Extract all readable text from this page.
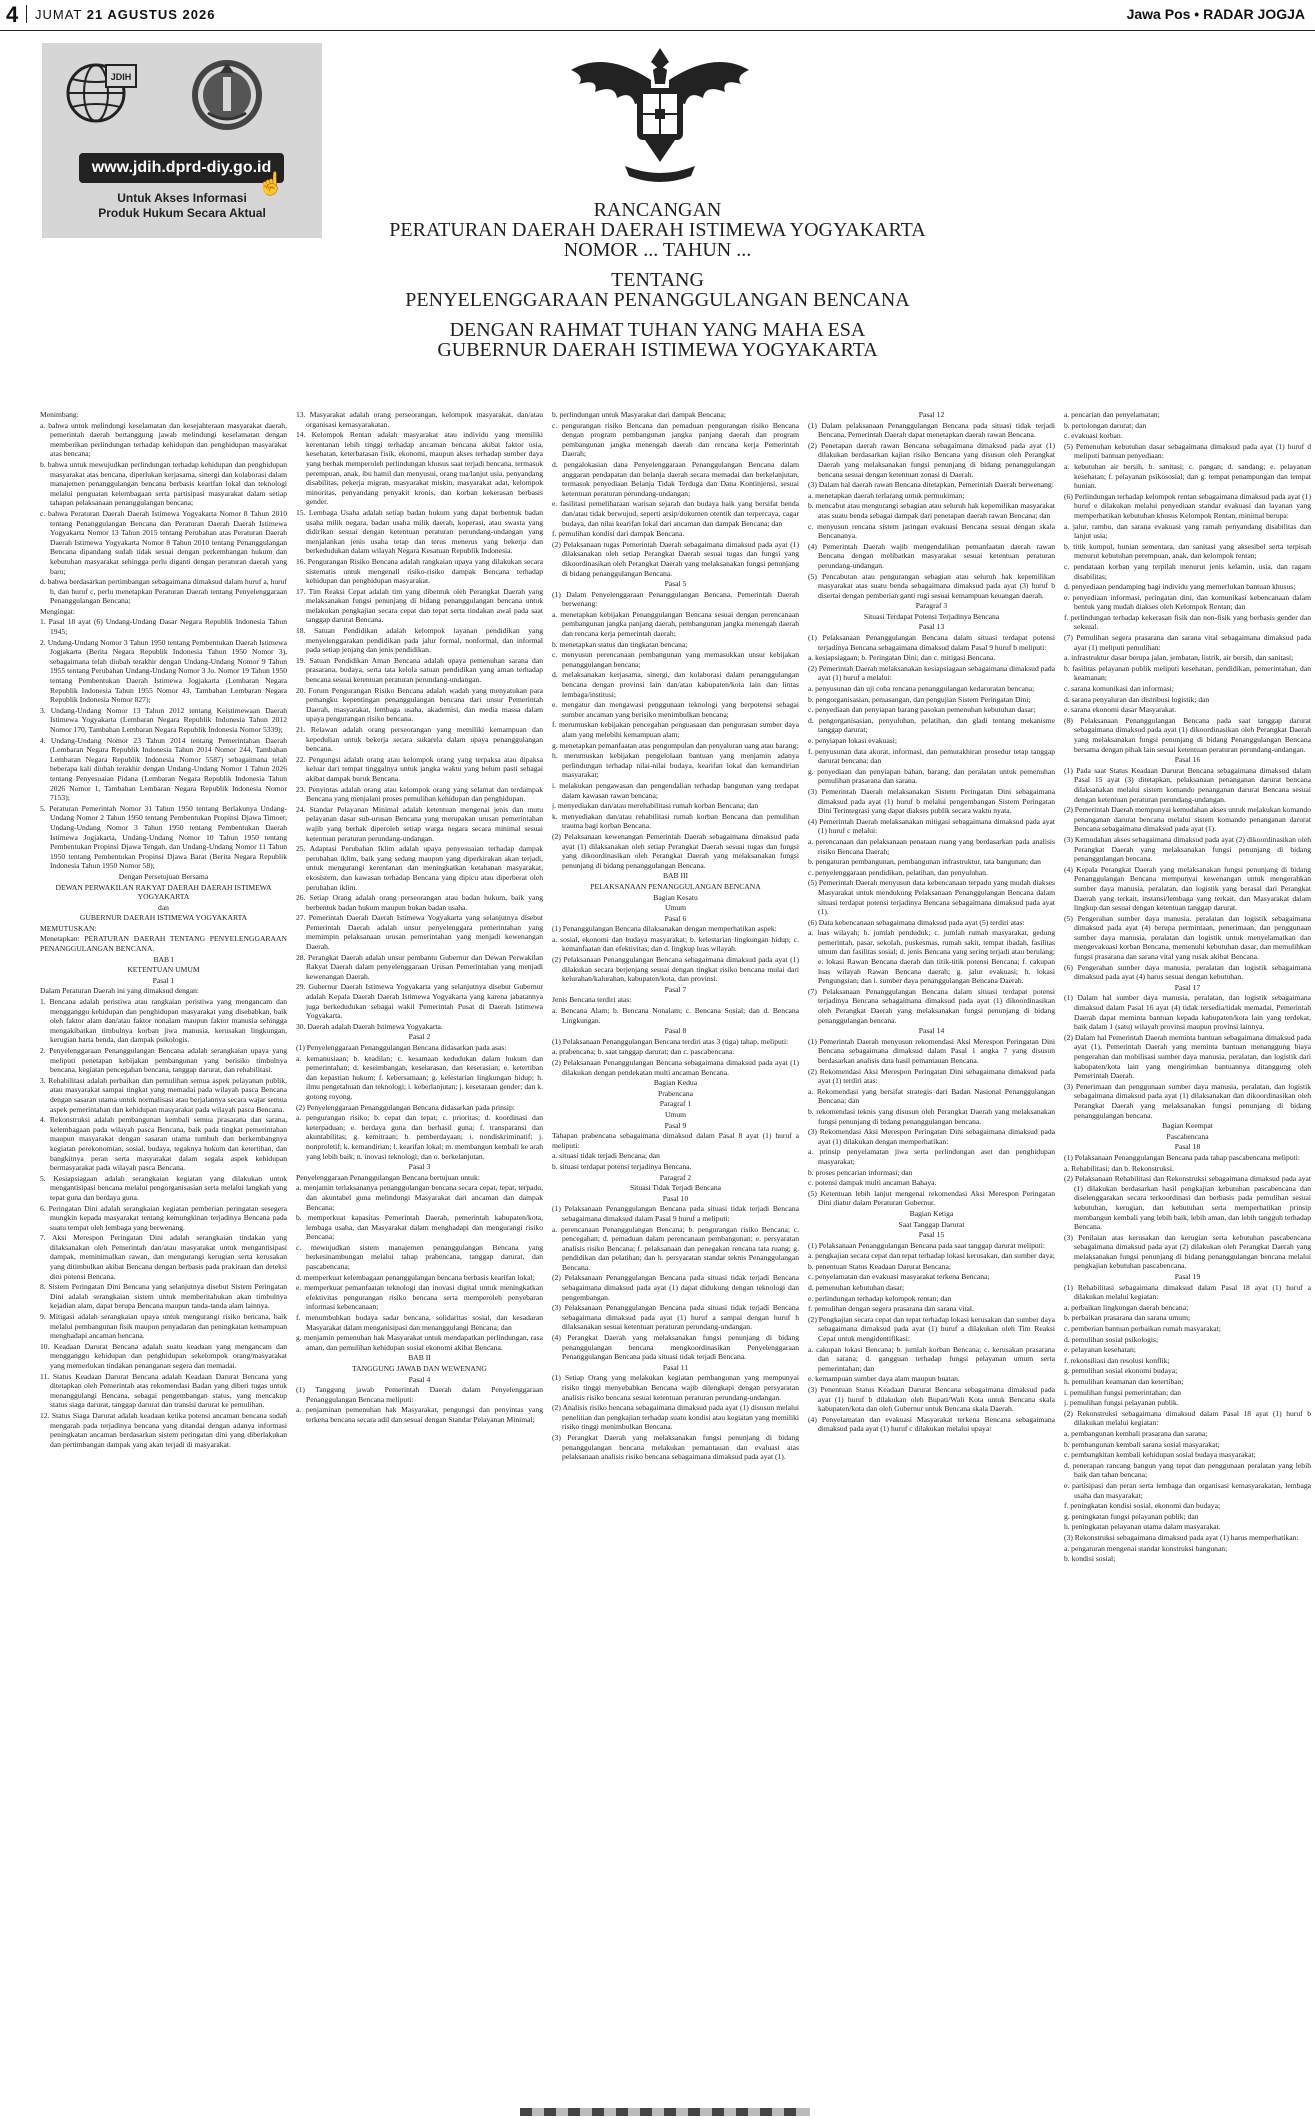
4 JUMAT 21 AGUSTUS 2026	Jawa Pos • RADAR JOGJA
JDIH
www.jdih.dprd-diy.go.id
☝
Untuk Akses Informasi
Produk Hukum Secara Aktual	RANCANGAN
PERATURAN DAERAH DAERAH ISTIMEWA YOGYAKARTA
NOMOR ... TAHUN ...
TENTANG
PENYELENGGARAAN PENANGGULANGAN BENCANA
DENGAN RAHMAT TUHAN YANG MAHA ESA
GUBERNUR DAERAH ISTIMEWA YOGYAKARTA

Menimbang:

a. bahwa untuk melindungi keselamatan dan kesejahteraan masyarakat daerah, pemerintah daerah bertanggung jawab melindungi keselamatan dengan memberikan perlindungan terhadap kehidupan dan penghidupan masyarakat atas bencana;

b. bahwa untuk mewujudkan perlindungan terhadap kehidupan dan penghidupan masyarakat atas bencana, diperlukan kerjasama, sinergi dan kolaborasi dalam manajemen penanggulangan bencana berbasis kearifan lokal dan teknologi melalui penguatan kelembagaan serta partisipasi masyarakat dalam setiap tahapan pelaksanaan penanggulangan bencana;

c. bahwa Peraturan Daerah Daerah Istimewa Yogyakarta Nomor 8 Tahun 2010 tentang Penanggulangan Bencana dan Peraturan Daerah Daerah Istimewa Yogyakarta Nomor 13 Tahun 2015 tentang Perubahan atas Peraturan Daerah Daerah Istimewa Yogyakarta Nomor 8 Tahun 2010 tentang Penanggulangan Bencana dipandang sudah tidak sesuai dengan perkembangan hukum dan kebutuhan masyarakat sehingga perlu diganti dengan peraturan daerah yang baru;

d. bahwa berdasarkan pertimbangan sebagaimana dimaksud dalam huruf a, huruf b, dan huruf c, perlu menetapkan Peraturan Daerah tentang Penyelenggaraan Penanggulangan Bencana;

Mengingat:

1. Pasal 18 ayat (6) Undang-Undang Dasar Negara Republik Indonesia Tahun 1945;

2. Undang-Undang Nomor 3 Tahun 1950 tentang Pembentukan Daerah Istimewa Jogjakarta (Berita Negara Republik Indonesia Tahun 1950 Nomor 3), sebagaimana telah diubah terakhir dengan Undang-Undang Nomor 9 Tahun 1955 tentang Perubahan Undang-Undang Nomor 3 Jo. Nomor 19 Tahun 1950 tentang Pembentukan Daerah Istimewa Jogjakarta (Lembaran Negara Republik Indonesia Tahun 1955 Nomor 43, Tambahan Lembaran Negara Republik Indonesia Nomor 827);

3. Undang-Undang Nomor 13 Tahun 2012 tentang Keistimewaan Daerah Istimewa Yogyakarta (Lembaran Negara Republik Indonesia Tahun 2012 Nomor 170, Tambahan Lembaran Negara Republik Indonesia Nomor 5339);

4. Undang-Undang Nomor 23 Tahun 2014 tentang Pemerintahan Daerah (Lembaran Negara Republik Indonesia Tahun 2014 Nomor 244, Tambahan Lembaran Negara Republik Indonesia Nomor 5587) sebagaimana telah beberapa kali diubah terakhir dengan Undang-Undang Nomor 1 Tahun 2026 tentang Penyesuaian Pidana (Lembaran Negara Republik Indonesia Tahun 2026 Nomor 1, Tambahan Lembaran Negara Republik Indonesia Nomor 7153);

5. Peraturan Pemerintah Nomor 31 Tahun 1950 tentang Berlakunya Undang-Undang Nomor 2 Tahun 1950 tentang Pembentukan Propinsi Djawa Timoer, Undang-Undang Nomor 3 Tahun 1950 tentang Pembentukan Daerah Istimewa Jogjakarta, Undang-Undang Nomor 10 Tahun 1950 tentang Pembentukan Propinsi Djawa Tengah, dan Undang-Undang Nomor 11 Tahun 1950 tentang Pembentukan Propinsi Djawa Barat (Berita Negara Republik Indonesia Tahun 1950 Nomor 58);

Dengan Persetujuan Bersama

DEWAN PERWAKILAN RAKYAT DAERAH DAERAH ISTIMEWA YOGYAKARTA

dan

GUBERNUR DAERAH ISTIMEWA YOGYAKARTA

MEMUTUSKAN:

Menetapkan: PERATURAN DAERAH TENTANG PENYELENGGARAAN PENANGGULANGAN BENCANA.

BAB I

KETENTUAN UMUM

Pasal 1

Dalam Peraturan Daerah ini yang dimaksud dengan:

1. Bencana adalah peristiwa atau rangkaian peristiwa yang mengancam dan mengganggu kehidupan dan penghidupan masyarakat yang disebabkan, baik oleh faktor alam dan/atau faktor nonalam maupun faktor manusia sehingga mengakibatkan timbulnya korban jiwa manusia, kerusakan lingkungan, kerugian harta benda, dan dampak psikologis.

2. Penyelenggaraan Penanggulangan Bencana adalah serangkaian upaya yang meliputi penetapan kebijakan pembangunan yang berisiko timbulnya bencana, kegiatan pencegahan bencana, tanggap darurat, dan rehabilitasi.

3. Rehabilitasi adalah perbaikan dan pemulihan semua aspek pelayanan publik, atau masyarakat sampai tingkat yang memadai pada wilayah pasca Bencana dengan sasaran utama untuk normalisasi atau berjalannya secara wajar semua aspek pemerintahan dan kehidupan masyarakat pada wilayah pasca Bencana.

4. Rekonstruksi adalah pembangunan kembali semua prasarana dan sarana, kelembagaan pada wilayah pasca Bencana, baik pada tingkat pemerintahan maupun masyarakat dengan sasaran utama tumbuh dan berkembangnya kegiatan perekonomian, sosial, budaya, tegaknya hukum dan ketertiban, dan bangkitnya peran serta masyarakat dalam segala aspek kehidupan bermasyarakat pada wilayah pasca Bencana.

5. Kesiapsiagaan adalah serangkaian kegiatan yang dilakukan untuk mengantisipasi bencana melalui pengorganisasian serta melalui langkah yang tepat guna dan berdaya guna.

6. Peringatan Dini adalah serangkaian kegiatan pemberian peringatan sesegera mungkin kepada masyarakat tentang kemungkinan terjadinya Bencana pada suatu tempat oleh lembaga yang berwenang.

7. Aksi Merespon Peringatan Dini adalah serangkaian tindakan yang dilaksanakan oleh Pemerintah dan/atau masyarakat untuk mengantisipasi dampak, meminimalkan rawan, dan mengurangi kerugian serta kerusakan yang ditimbulkan akibat Bencana dengan berbasis pada prakiraan dan deteksi dini potensi Bencana.

8. Sistem Peringatan Dini Bencana yang selanjutnya disebut Sistem Peringatan Dini adalah serangkaian sistem untuk memberitahukan akan timbulnya kejadian alam, dapat berupa Bencana maupun tanda-tanda alam lainnya.

9. Mitigasi adalah serangkaian upaya untuk mengurangi risiko bencana, baik melalui pembangunan fisik maupun penyadaran dan peningkatan kemampuan menghadapi ancaman bencana.

10. Keadaan Darurat Bencana adalah suatu keadaan yang mengancam dan mengganggu kehidupan dan penghidupan sekelompok orang/masyarakat yang memerlukan tindakan penanganan segera dan memadai.

11. Status Keadaan Darurat Bencana adalah Keadaan Darurat Bencana yang ditetapkan oleh Pemerintah atas rekomendasi Badan yang diberi tugas untuk menanggulangi Bencana, sebagai pengembangan status, yang mencakup status siaga darurat, tanggap darurat dan transisi darurat ke pemulihan.

12. Status Siaga Darurat adalah keadaan ketika potensi ancaman bencana sudah mengarah pada terjadinya bencana yang ditandai dengan adanya informasi peningkatan ancaman berdasarkan sistem peringatan dini yang diberlakukan dan pertimbangan dampak yang akan terjadi di masyarakat.

13. Masyarakat adalah orang perseorangan, kelompok masyarakat, dan/atau organisasi kemasyarakatan.

14. Kelompok Rentan adalah masyarakat atau individu yang memiliki kerentanan lebih tinggi terhadap ancaman bencana akibat faktor usia, kesehatan, keterbatasan fisik, ekonomi, maupun akses terhadap sumber daya yang berhak memperoleh perlindungan khusus saat terjadi bencana, termasuk perempuan, anak, ibu hamil dan menyusui, orang tua/lanjut usia, penyandang disabilitas, pekerja migran, masyarakat miskin, masyarakat adat, kelompok minoritas, penyandang penyakit kronis, dan korban kekerasan berbasis gender.

15. Lembaga Usaha adalah setiap badan hukum yang dapat berbentuk badan usaha milik negara, badan usaha milik daerah, koperasi, atau swasta yang didirikan sesuai dengan ketentuan peraturan perundang-undangan yang menjalankan jenis usaha tetap dan terus menerus yang bekerja dan berkedudukan dalam wilayah Negara Kesatuan Republik Indonesia.

16. Pengurangan Risiko Bencana adalah rangkaian upaya yang dilakukan secara sistematis untuk mengenali risiko-risiko dampak Bencana terhadap kehidupan dan penghidupan masyarakat.

17. Tim Reaksi Cepat adalah tim yang dibentuk oleh Perangkat Daerah yang melaksanakan fungsi penunjang di bidang penanggulangan bencana untuk melakukan pengkajian secara cepat dan tepat serta tindakan awal pada saat tanggap darurat Bencana.

18. Satuan Pendidikan adalah kelompok layanan pendidikan yang menyelenggarakan pendidikan pada jalur formal, nonformal, dan informal pada setiap jenjang dan jenis pendidikan.

19. Satuan Pendidikan Aman Bencana adalah upaya pemenuhan sarana dan prasarana, budaya, serta tata kelola satuan pendidikan yang aman terhadap bencana sesuai ketentuan peraturan perundang-undangan.

20. Forum Pengurangan Risiko Bencana adalah wadah yang menyatukan para pemangku kepentingan penanggulangan bencana dari unsur Pemerintah Daerah, masyarakat, lembaga usaha, akademisi, dan media massa dalam upaya pengurangan risiko bencana.

21. Relawan adalah orang perseorangan yang memiliki kemampuan dan kepedulian untuk bekerja secara sukarela dalam upaya penanggulangan bencana.

22. Pengungsi adalah orang atau kelompok orang yang terpaksa atau dipaksa keluar dari tempat tinggalnya untuk jangka waktu yang belum pasti sebagai akibat dampak buruk Bencana.

23. Penyintas adalah orang atau kelompok orang yang selamat dan terdampak Bencana yang menjalani proses pemulihan kehidupan dan penghidupan.

24. Standar Pelayanan Minimal adalah ketentuan mengenai jenis dan mutu pelayanan dasar sub-urusan Bencana yang merupakan urusan pemerintahan wajib yang berhak diperoleh setiap warga negara secara minimal sesuai ketentuan peraturan perundang-undangan.

25. Adaptasi Perubahan Iklim adalah upaya penyesuaian terhadap dampak perubahan iklim, baik yang sedang maupun yang diperkirakan akan terjadi, untuk mengurangi kerentanan dan meningkatkan ketahanan masyarakat, ekosistem, dan kawasan terhadap Bencana yang dipicu atau diperberat oleh perubahan iklim.

26. Setiap Orang adalah orang perseorangan atau badan hukum, baik yang berbentuk badan hukum maupun bukan badan usaha.

27. Pemerintah Daerah Daerah Istimewa Yogyakarta yang selanjutnya disebut Pemerintah Daerah adalah unsur penyelenggara pemerintahan yang memimpin pelaksanaan urusan pemerintahan yang menjadi kewenangan Daerah.

28. Perangkat Daerah adalah unsur pembantu Gubernur dan Dewan Perwakilan Rakyat Daerah dalam penyelenggaraan Urusan Pemerintahan yang menjadi kewenangan Daerah.

29. Gubernur Daerah Istimewa Yogyakarta yang selanjutnya disebut Gubernur adalah Kepala Daerah Daerah Istimewa Yogyakarta yang karena jabatannya juga berkedudukan sebagai wakil Pemerintah Pusat di Daerah Istimewa Yogyakarta.

30. Daerah adalah Daerah Istimewa Yogyakarta.

Pasal 2

(1) Penyelenggaraan Penanggulangan Bencana didasarkan pada asas:

a. kemanusiaan; b. keadilan; c. kesamaan kedudukan dalam hukum dan pemerintahan; d. keseimbangan, keselarasan, dan keserasian; e. ketertiban dan kepastian hukum; f. kebersamaan; g. kelestarian lingkungan hidup; h. ilmu pengetahuan dan teknologi; i. keberlanjutan; j. kesetaraan gender; dan k. gotong royong.

(2) Penyelenggaraan Penanggulangan Bencana didasarkan pada prinsip:

a. pengurangan risiko; b. cepat dan tepat; c. prioritas; d. koordinasi dan keterpaduan; e. berdaya guna dan berhasil guna; f. transparansi dan akuntabilitas; g. kemitraan; h. pemberdayaan; i. nondiskriminatif; j. nonproletif; k. kemandirian; l. kearifan lokal; m. membangun kembali ke arah yang lebih baik; n. inovasi teknologi; dan o. berkelanjutan.

Pasal 3

Penyelenggaraan Penanggulangan Bencana bertujuan untuk:

a. menjamin terlaksananya penanggulangan bencana secara cepat, tepat, terpadu, dan akuntabel guna melindungi Masyarakat dari ancaman dan dampak Bencana;

b. memperkuat kapasitas Pemerintah Daerah, pemerintah kabupaten/kota, lembaga usaha, dan Masyarakat dalam menghadapi dan mengurangi risiko Bencana;

c. mewujudkan sistem manajemen penanggulangan Bencana yang berkesinambungan melalui tahap prabencana, tanggap darurat, dan pascabencana;

d. memperkuat kelembagaan penanggulangan bencana berbasis kearifan lokal;

e. memperkuat pemanfaatan teknologi dan inovasi digital untuk meningkatkan efektivitas pengurangan risiko bencana serta memperoleh penyebaran informasi kebencanaan;

f. menumbuhkan budaya sadar bencana, solidaritas sosial, dan kesadaran Masyarakat dalam menganisipasi dan menanggulangi Bencana; dan

g. menjamin pemenuhan hak Masyarakat untuk mendapatkan perlindungan, rasa aman, dan pemulihan kehidupan sosial ekonomi akibat Bencana.

BAB II

TANGGUNG JAWAB DAN WEWENANG

Pasal 4

(1) Tanggung jawab Pemerintah Daerah dalam Penyelenggaraan Penanggulangan Bencana meliputi:

a. penjaminan pemenuhan hak Masyarakat, pengungsi dan penyintas yang terkena bencana secara adil dan sesuai dengan Standar Pelayanan Minimal;

b. perlindungan untuk Masyarakat dari dampak Bencana;

c. pengurangan risiko Bencana dan pemaduan pengurangan risiko Bencana dengan program pembangunan jangka panjang daerah dan program pembangunan jangka menengah daerah dan rencana kerja Pemerintah Daerah;

d. pengalokasian dana Penyelenggaraan Penanggulangan Bencana dalam anggaran pendapatan dan belanja daerah secara memadai dan berkelanjutan, termasuk penyediaan Belanja Tidak Terduga dan Dana Kontinjensi, sesuai ketentuan peraturan perundang-undangan;

e. fasilitasi pemeliharaan warisan sejarah dan budaya baik yang bersifat benda dan/atau tidak berwujud, seperti arsip/dokumen otentik dan terpercaya, cagar budaya, dan nilai kearifan lokal dari ancaman dan dampak Bencana; dan

f. pemulihan kondisi dari dampak Bencana.

(2) Pelaksanaan tugas Pemerintah Daerah sebagaimana dimaksud pada ayat (1) dilaksanakan oleh setiap Perangkat Daerah sesuai tugas dan fungsi yang dikoordinasikan oleh Perangkat Daerah yang melaksanakan fungsi penunjang di bidang penanggulangan Bencana.

Pasal 5

(1) Dalam Penyelenggaraan Penanggulangan Bencana, Pemerintah Daerah berwenang:

a. menetapkan kebijakan Penanggulangan Bencana sesuai dengan perencanaan pembangunan jangka panjang daerah, pembangunan jangka menengah daerah dan rencana kerja pemerintah daerah;

b. menetapkan status dan tingkatan bencana;

c. menyusun perencanaan pembangunan yang memasukkan unsur kebijakan penanggulangan bencana;

d. melaksanakan kerjasama, sinergi, dan kolaborasi dalam penanggulangan bencana dengan provinsi lain dan/atau kabupaten/kota lain dan lintas lembaga/institusi;

e. mengatur dan mengawasi penggunaan teknologi yang berpotensi sebagai sumber ancaman yang berisiko menimbulkan bencana;

f. merumuskan kebijakan pencegahan penguasaan dan pengurasan sumber daya alam yang melebihi kemampuan alam;

g. menetapkan pemanfaatan atas pengumpulan dan penyaluran uang atau barang;

h. merumuskan kebijakan pengelolaan bantuan yang menjamin adanya perlindungan terhadap nilai-nilai budaya, kearifan lokal dan kemandirian masyarakat;

i. melakukan pengawasan dan pengendalian terhadap bangunan yang terdapat dalam kawasan rawan bencana;

j. menyediakan dan/atau merehabilitasi rumah korban Bencana; dan

k. menyediakan dan/atau rehabilitasi rumah korban Bencana dan pemulihan trauma bagi korban Bencana.

(2) Pelaksanaan kewenangan Pemerintah Daerah sebagaimana dimaksud pada ayat (1) dilaksanakan oleh setiap Perangkat Daerah sesuai tugas dan fungsi yang dikoordinasikan oleh Perangkat Daerah yang melaksanakan fungsi penunjang di bidang penanggulangan Bencana.

BAB III

PELAKSANAAN PENANGGULANGAN BENCANA

Bagian Kesatu

Umum

Pasal 6

(1) Penanggulangan Bencana dilaksanakan dengan memperhatikan aspek:

a. sosial, ekonomi dan budaya masyarakat; b. kelestarian lingkungan hidup; c. kemanfaatan dan efektivitas; dan d. lingkup luas wilayah.

(2) Pelaksanaan Penanggulangan Bencana sebagaimana dimaksud pada ayat (1) dilakukan secara berjenjang sesuai dengan tingkat risiko bencana mulai dari kelurahan/kalurahan, kabupaten/kota, dan provinsi.

Pasal 7

Jenis Bencana terdiri atas:

a. Bencana Alam; b. Bencana Nonalam; c. Bencana Sosial; dan d. Bencana Lingkungan.

Pasal 8

(1) Pelaksanaan Penanggulangan Bencana terdiri atas 3 (tiga) tahap, meliputi:

a. prabencana; b. saat tanggap darurat; dan c. pascabencana.

(2) Pelaksanaan Penanggulangan Bencana sebagaimana dimaksud pada ayat (1) dilakukan dengan pendekatan multi ancaman Bencana.

Bagian Kedua

Prabencana

Paragraf 1

Umum

Pasal 9

Tahapan prabencana sebagaimana dimaksud dalam Pasal 8 ayat (1) huruf a meliputi:

a. situasi tidak terjadi Bencana; dan

b. situasi terdapat potensi terjadinya Bencana.

Paragraf 2

Situasi Tidak Terjadi Bencana

Pasal 10

(1) Pelaksanaan Penanggulangan Bencana pada situasi tidak terjadi Bencana sebagaimana dimaksud dalam Pasal 9 huruf a meliputi:

a. perencanaan Penanggulangan Bencana; b. pengurangan risiko Bencana; c. pencegahan; d. pemaduan dalam perencanaan pembangunan; e. persyaratan analisis risiko Bencana; f. pelaksanaan dan penegakan rencana tata ruang; g. pendidikan dan pelatihan; dan h. persyaratan standar teknis Penanggulangan Bencana.

(2) Pelaksanaan Penanggulangan Bencana pada situasi tidak terjadi Bencana sebagaimana dimaksud pada ayat (1) dapat didukung dengan teknologi dan pengembangan.

(3) Pelaksanaan Penanggulangan Bencana pada situasi tidak terjadi Bencana sebagaimana dimaksud pada ayat (1) huruf a sampai dengan huruf h dilaksanakan sesuai ketentuan peraturan perundang-undangan.

(4) Perangkat Daerah yang melaksanakan fungsi penunjang di bidang penanggulangan bencana mengkoordinasikan Penyelenggaraan Penanggulangan Bencana pada situasi tidak terjadi Bencana.

Pasal 11

(1) Setiap Orang yang melakukan kegiatan pembangunan yang mempunyai risiko tinggi menyebabkan Bencana wajib dilengkapi dengan persyaratan analisis risiko bencana sesuai ketentuan peraturan perundang-undangan.

(2) Analisis risiko bencana sebagaimana dimaksud pada ayat (1) disusun melalui penelitian dan pengkajian terhadap suatu kondisi atau kegiatan yang memiliki risiko tinggi menimbulkan Bencana.

(3) Perangkat Daerah yang melaksanakan fungsi penunjang di bidang penanggulangan bencana melakukan pemantauan dan evaluasi atas pelaksanaan analisis risiko bencana sebagaimana dimaksud pada ayat (1).

Pasal 12

(1) Dalam pelaksanaan Penanggulangan Bencana pada situasi tidak terjadi Bencana, Pemerintah Daerah dapat menetapkan daerah rawan Bencana.

(2) Penetapan daerah rawan Bencana sebagaimana dimaksud pada ayat (1) dilakukan berdasarkan kajian risiko Bencana yang disusun oleh Perangkat Daerah yang melaksanakan fungsi penunjang di bidang penanggulangan bencana sesuai dengan ketentuan zonasi di Daerah.

(3) Dalam hal daerah rawan Bencana ditetapkan, Pemerintah Daerah berwenang:

a. menetapkan daerah terlarang untuk permukiman;

b. mencabut atau mengurangi sebagian atau seluruh hak kepemilikan masyarakat atas suatu benda sebagai dampak dari penetapan daerah rawan Bencana; dan

c. menyusun rencana sistem jaringan evakuasi Bencana sesuai dengan skala Bencananya.

(4) Pemerintah Daerah wajib mengendalikan pemanfaatan daerah rawan Bencana dengan melibatkan masyarakat sesuai ketentuan peraturan perundang-undangan.

(5) Pencabutan atau pengurangan sebagian atau seluruh hak kepemilikan masyarakat atas suatu benda sebagaimana dimaksud pada ayat (3) huruf b disertai dengan pemberian ganti rugi sesuai kemampuan keuangan daerah.

Paragraf 3

Situasi Terdapat Potensi Terjadinya Bencana

Pasal 13

(1) Pelaksanaan Penanggulangan Bencana dalam situasi terdapat potensi terjadinya Bencana sebagaimana dimaksud dalam Pasal 9 huruf b meliputi:

a. kesiapsiagaan; b. Peringatan Dini; dan c. mitigasi Bencana.

(2) Pemerintah Daerah melaksanakan kesiapsiagaan sebagaimana dimaksud pada ayat (1) huruf a melalui:

a. penyusunan dan uji coba rencana penanggulangan kedaruratan bencana;

b. pengorganisasian, pemasangan, dan pengujian Sistem Peringatan Dini;

c. penyediaan dan penyiapan barang pasokan pemenuhan kebutuhan dasar;

d. pengorganisasian, penyuluhan, pelatihan, dan gladi tentang mekanisme tanggap darurat;

e. penyiapan lokasi evakuasi;

f. penyusunan data akurat, informasi, dan pemutakhiran prosedur tetap tanggap darurat bencana; dan

g. penyediaan dan penyiapan bahan, barang, dan peralatan untuk pemenuhan pemulihan prasarana dan sarana.

(3) Pemerintah Daerah melaksanakan Sistem Peringatan Dini sebagaimana dimaksud pada ayat (1) huruf b melalui pengembangan Sistem Peringatan Dini Terintegrasi yang dapat diakses publik secara waktu nyata.

(4) Pemerintah Daerah melaksanakan mitigasi sebagaimana dimaksud pada ayat (1) huruf c melalui:

a. perencanaan dan pelaksanaan penataan ruang yang berdasarkan pada analisis risiko Bencana Daerah;

b. pengaturan pembangunan, pembangunan infrastruktur, tata bangunan; dan

c. penyelenggaraan pendidikan, pelatihan, dan penyuluhan.

(5) Pemerintah Daerah menyusun data kebencanaan terpadu yang mudah diakses Masyarakat untuk mendukung Pelaksanaan Penanggulangan Bencana dalam situasi terdapat potensi terjadinya Bencana sebagaimana dimaksud pada ayat (1).

(6) Data kebencanaan sebagaimana dimaksud pada ayat (5) terdiri atas:

a. luas wilayah; b. jumlah penduduk; c. jumlah rumah masyarakat, gedung pemerintah, pasar, sekolah, puskesmas, rumah sakit, tempat ibadah, fasilitas umum dan fasilitas sosial; d. jenis Bencana yang sering terjadi atau berulang; e. lokasi Rawan Bencana daerah dan titik-titik potensi Bencana; f. cakupan luas wilayah Rawan Bencana daerah; g. jalur evakuasi; h. lokasi Pengungsian; dan i. sumber daya penanggulangan Bencana Daerah.

(7) Pelaksanaan Penanggulangan Bencana dalam situasi terdapat potensi terjadinya Bencana sebagaimana dimaksud pada ayat (1) dikoordinasikan oleh Perangkat Daerah yang melaksanakan fungsi penunjang di bidang penanggulangan bencana.

Pasal 14

(1) Pemerintah Daerah menyusun rekomendasi Aksi Merespon Peringatan Dini Bencana sebagaimana dimaksud dalam Pasal 1 angka 7 yang disusun berdasarkan analisis data hasil pemantauan Bencana.

(2) Rekomendasi Aksi Merespon Peringatan Dini sebagaimana dimaksud pada ayat (1) terdiri atas:

a. Rekomendasi yang bersifat strategis dari Badan Nasional Penanggulangan Bencana; dan

b. rekomendasi teknis yang disusun oleh Perangkat Daerah yang melaksanakan fungsi penunjang di bidang penanggulangan bencana.

(3) Rekomendasi Aksi Merespon Peringatan Dini sebagaimana dimaksud pada ayat (1) dilakukan dengan memperhatikan:

a. prinsip penyelamatan jiwa serta perlindungan aset dan penghidupan masyarakat;

b. proses pencarian informasi; dan

c. potensi dampak multi ancaman Bahaya.

(5) Ketentuan lebih lanjut mengenai rekomendasi Aksi Merespon Peringatan Dini diatur dalam Peraturan Gubernur.

Bagian Ketiga

Saat Tanggap Darurat

Pasal 15

(1) Pelaksanaan Penanggulangan Bencana pada saat tanggap darurat meliputi:

a. pengkajian secara cepat dan tepat terhadap lokasi kerusakan, dan sumber daya;

b. penentuan Status Keadaan Darurat Bencana;

c. penyelamatan dan evakuasi masyarakat terkena Bencana;

d. pemenuhan kebutuhan dasar;

e. perlindungan terhadap kelompok rentan; dan

f. pemulihan dengan segera prasarana dan sarana vital.

(2) Pengkajian secara cepat dan tepat terhadap lokasi kerusakan dan sumber daya sebagaimana dimaksud pada ayat (1) huruf a dilakukan oleh Tim Reaksi Cepat untuk mengidentifikasi:

a. cakupan lokasi Bencana; b. jumlah korban Bencana; c. kerusakan prasarana dan sarana; d. gangguan terhadap fungsi pelayanan umum serta pemerintahan; dan

e. kemampuan sumber daya alam maupun buatan.

(3) Penentuan Status Keadaan Darurat Bencana sebagaimana dimaksud pada ayat (1) huruf b dilakukan oleh Bupati/Wali Kota untuk Bencana skala kabupaten/kota dan oleh Gubernur untuk Bencana skala Daerah.

(4) Penyelamatan dan evakuasi Masyarakat terkena Bencana sebagaimana dimaksud pada ayat (1) huruf c dilakukan melalui upaya:

a. pencarian dan penyelamatan;

b. pertolongan darurat; dan

c. evakuasi korban.

(5) Pemenuhan kebutuhan dasar sebagaimana dimaksud pada ayat (1) huruf d meliputi bantuan penyediaan:

a. kebutuhan air bersih, b. sanitasi; c. pangan; d. sandang; e. pelayanan kesehatan; f. pelayanan psikososial; dan g. tempat penampungan dan tempat hunian.

(6) Perlindungan terhadap kelompok rentan sebagaimana dimaksud pada ayat (1) huruf e dilakukan melalui penyediaan standar evakuasi dan layanan yang memperhatikan kebutuhan khusus Kelompok Rentan, minimal berupa:

a. jalur, rambu, dan sarana evakuasi yang ramah penyandang disabilitas dan lanjut usia;

b. titik kumpul, hunian sementara, dan sanitasi yang aksesibel serta terpisah menurut kebutuhan perempuan, anak, dan kelompok rentan;

c. pendataan korban yang terpilah menurut jenis kelamin, usia, dan ragam disabilitas;

d. penyediaan pendamping bagi individu yang memerlukan bantuan khusus;

e. penyediaan informasi, peringatan dini, dan komunikasi kebencanaan dalam bentuk yang mudah diakses oleh Kelompok Rentan; dan

f. perlindungan terhadap kekerasan fisik dan non-fisik yang berbasis gender dan seksual.

(7) Pemulihan segera prasarana dan sarana vital sebagaimana dimaksud pada ayat (1) meliputi pemulihan:

a. infrastruktur dasar berupa jalan, jembatan, listrik, air bersih, dan sanitasi;

b. fasilitas pelayanan publik meliputi kesehatan, pendidikan, pemerintahan, dan keamanan;

c. sarana komunikasi dan informasi;

d. sarana penyaluran dan distribusi logistik; dan

e. sarana ekonomi dasar Masyarakat.

(8) Pelaksanaan Penanggulangan Bencana pada saat tanggap darurat sebagaimana dimaksud pada ayat (1) dikoordinasikan oleh Perangkat Daerah yang melaksanakan fungsi penunjang di bidang Penanggulangan Bencana bersama dengan pihak lain sesuai ketentuan peraturan perundang-undangan.

Pasal 16

(1) Pada saat Status Keadaan Darurat Bencana sebagaimana dimaksud dalam Pasal 15 ayat (3) ditetapkan, pelaksanaan penanganan darurat bencana dilaksanakan melalui sistem komando penanganan darurat Bencana sesuai dengan ketentuan peraturan perundang-undangan.

(2) Pemerintah Daerah mempunyai kemudahan akses untuk melakukan komando penanganan darurat bencana melalui sistem komando penanganan darurat Bencana sebagaimana dimaksud pada ayat (1).

(3) Kemudahan akses sebagaimana dimaksud pada ayat (2) dikoordinasikan oleh Perangkat Daerah yang melaksanakan fungsi penunjang di bidang penanggulangan bencana.

(4) Kepala Perangkat Daerah yang melaksanakan fungsi penunjang di bidang Penanggulangan Bencana mempunyai kewenangan untuk mengerahkan sumber daya manusia, peralatan, dan logistik yang berasal dari Perangkat Daerah yang terkait, instansi/lembaga yang terkait, dan Masyarakat dalam lingkup dan sesuai dengan ketentuan tanggap darurat.

(5) Pengerahan sumber daya manusia, peralatan dan logistik sebagaimana dimaksud pada ayat (4) berupa permintaan, penerimaan, dan penggunaan sumber daya manusia, peralatan dan logistik untuk menyelamatkan dan mengevakuasi korban Bencana, memenuhi kebutuhan dasar, dan memulihkan fungsi prasarana dan sarana vital yang rusak akibat Bencana.

(6) Pengerahan sumber daya manusia, peralatan dan logistik sebagaimana dimaksud pada ayat (4) harus sesuai dengan kebutuhan.

Pasal 17

(1) Dalam hal sumber daya manusia, peralatan, dan logistik sebagaimana dimaksud dalam Pasal 16 ayat (4) tidak tersedia/tidak memadai, Pemerintah Daerah dapat meminta bantuan kepada kabupaten/kota lain yang terdekat, baik dalam 1 (satu) wilayah provinsi maupun provinsi lainnya.

(2) Dalam hal Pemerintah Daerah meminta bantuan sebagaimana dimaksud pada ayat (1), Pemerintah Daerah yang meminta bantuan menanggung biaya pengerahan dan mobilisasi sumber daya manusia, peralatan, dan logistik dari kabupaten/kota lain yang mengirimkan bantuannya ditanggung oleh Pemerintah Daerah.

(3) Penerimaan dan penggunaan sumber daya manusia, peralatan, dan logistik sebagaimana dimaksud pada ayat (1) dilaksanakan dan dikoordinasikan oleh Perangkat Daerah yang melaksanakan fungsi penunjang di bidang penanggulangan bencana.

Bagian Keempat

Pascabencana

Pasal 18

(1) Pelaksanaan Penanggulangan Bencana pada tahap pascabencana meliputi:

a. Rehabilitasi; dan b. Rekonstruksi.

(2) Pelaksanaan Rehabilitasi dan Rekonstruksi sebagaimana dimaksud pada ayat (1) dilakukan berdasarkan hasil pengkajian kebutuhan pascabencana dan diselenggarakan secara terkoordinasi dan berbasis pada pemulihan sesuai kebutuhan, kerugian, dan kebutuhan serta memperhatikan prinsip membangun kembali yang lebih baik, lebih aman, dan lebih tangguh terhadap Bencana.

(3) Penilaian atas kerusakan dan kerugian serta kebutuhan pascabencana sebagaimana dimaksud pada ayat (2) dilakukan oleh Perangkat Daerah yang melaksanakan fungsi penunjang di bidang penanggulangan bencana melalui pengkajian kebutuhan pascabencana.

Pasal 19

(1) Rehabilitasi sebagaimana dimaksud dalam Pasal 18 ayat (1) huruf a dilakukan melalui kegiatan:

a. perbaikan lingkungan daerah bencana;

b. perbaikan prasarana dan sarana umum;

c. pemberian bantuan perbaikan rumah masyarakat;

d. pemulihan sosial psikologis;

e. pelayanan kesehatan;

f. rekonsiliasi dan resolusi konflik;

g. pemulihan sosial ekonomi budaya;

h. pemulihan keamanan dan ketertiban;

i. pemulihan fungsi pemerintahan; dan

j. pemulihan fungsi pelayanan publik.

(2) Rekonstruksi sebagaimana dimaksud dalam Pasal 18 ayat (1) huruf b dilakukan melalui kegiatan:

a. pembangunan kembali prasarana dan sarana;

b. pembangunan kembali sarana sosial masyarakat;

c. pembangkitan kembali kehidupan sosial budaya masyarakat;

d. penerapan rancang bangun yang tepat dan penggunaan peralatan yang lebih baik dan tahan bencana;

e. partisipasi dan peran serta lembaga dan organisasi kemasyarakatan, lembaga usaha dan masyarakat;

f. peningkatan kondisi sosial, ekonomi dan budaya;

g. peningkatan fungsi pelayanan publik; dan

h. peningkatan pelayanan utama dalam masyarakat.

(3) Rekonstruksi sebagaimana dimaksud pada ayat (1) harus memperhatikan:

a. pengaturan mengenai standar konstruksi bangunan;

b. kondisi sosial;
